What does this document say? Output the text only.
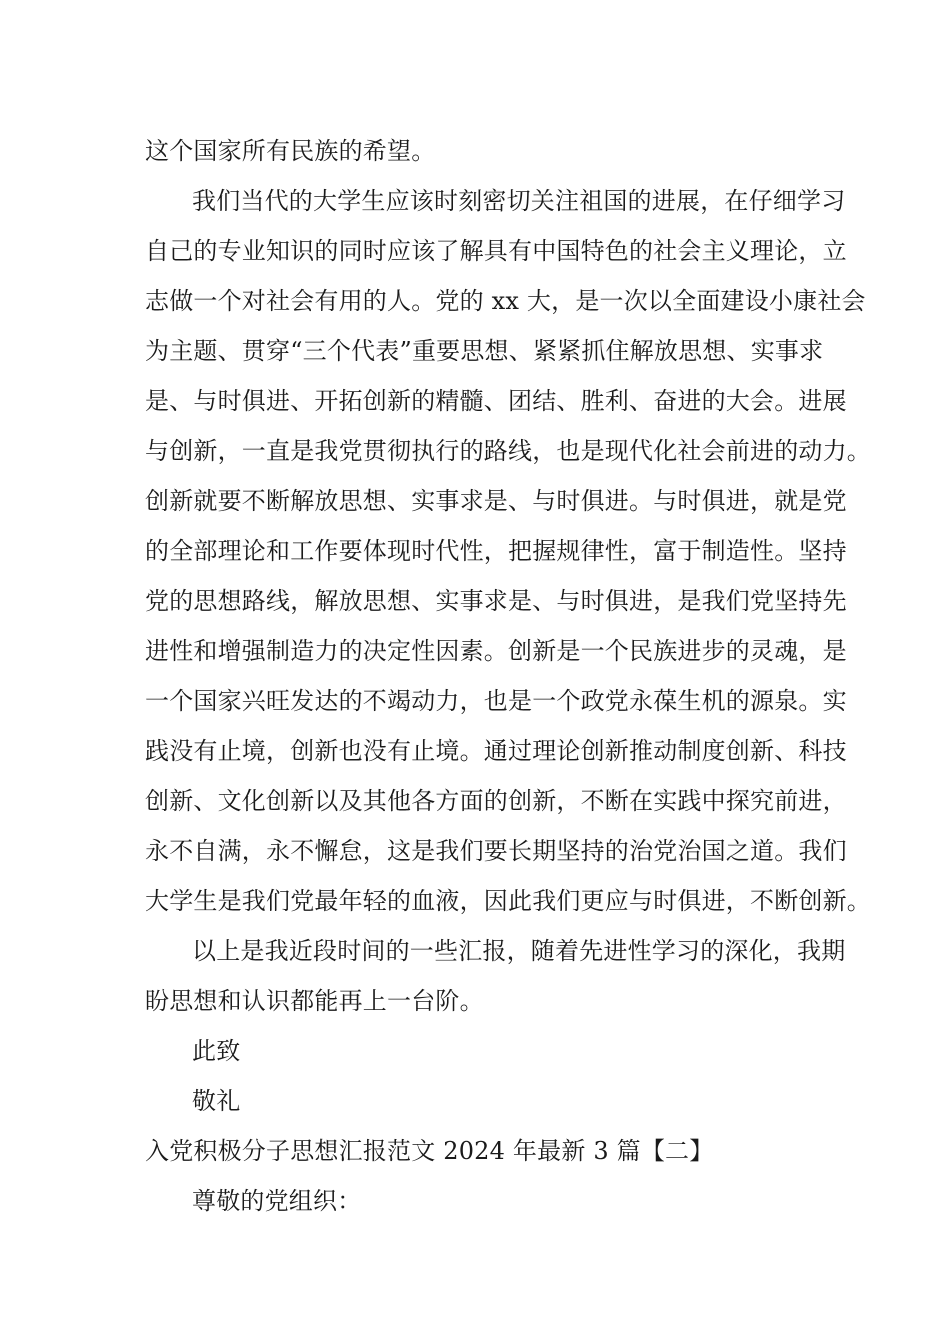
这个国家所有民族的希望。
我们当代的大学生应该时刻密切关注祖国的进展，在仔细学习
自己的专业知识的同时应该了解具有中国特色的社会主义理论，立
志做一个对社会有用的人。党的 xx 大，是一次以全面建设小康社会
为主题、贯穿“三个代表”重要思想、紧紧抓住解放思想、实事求
是、与时俱进、开拓创新的精髓、团结、胜利、奋进的大会。进展
与创新，一直是我党贯彻执行的路线，也是现代化社会前进的动力。
创新就要不断解放思想、实事求是、与时俱进。与时俱进，就是党
的全部理论和工作要体现时代性，把握规律性，富于制造性。坚持
党的思想路线，解放思想、实事求是、与时俱进，是我们党坚持先
进性和增强制造力的决定性因素。创新是一个民族进步的灵魂，是
一个国家兴旺发达的不竭动力，也是一个政党永葆生机的源泉。实
践没有止境，创新也没有止境。通过理论创新推动制度创新、科技
创新、文化创新以及其他各方面的创新，不断在实践中探究前进，
永不自满，永不懈怠，这是我们要长期坚持的治党治国之道。我们
大学生是我们党最年轻的血液，因此我们更应与时俱进，不断创新。
以上是我近段时间的一些汇报，随着先进性学习的深化，我期
盼思想和认识都能再上一台阶。
此致
敬礼
入党积极分子思想汇报范文 2024 年最新 3 篇【二】
尊敬的党组织：
